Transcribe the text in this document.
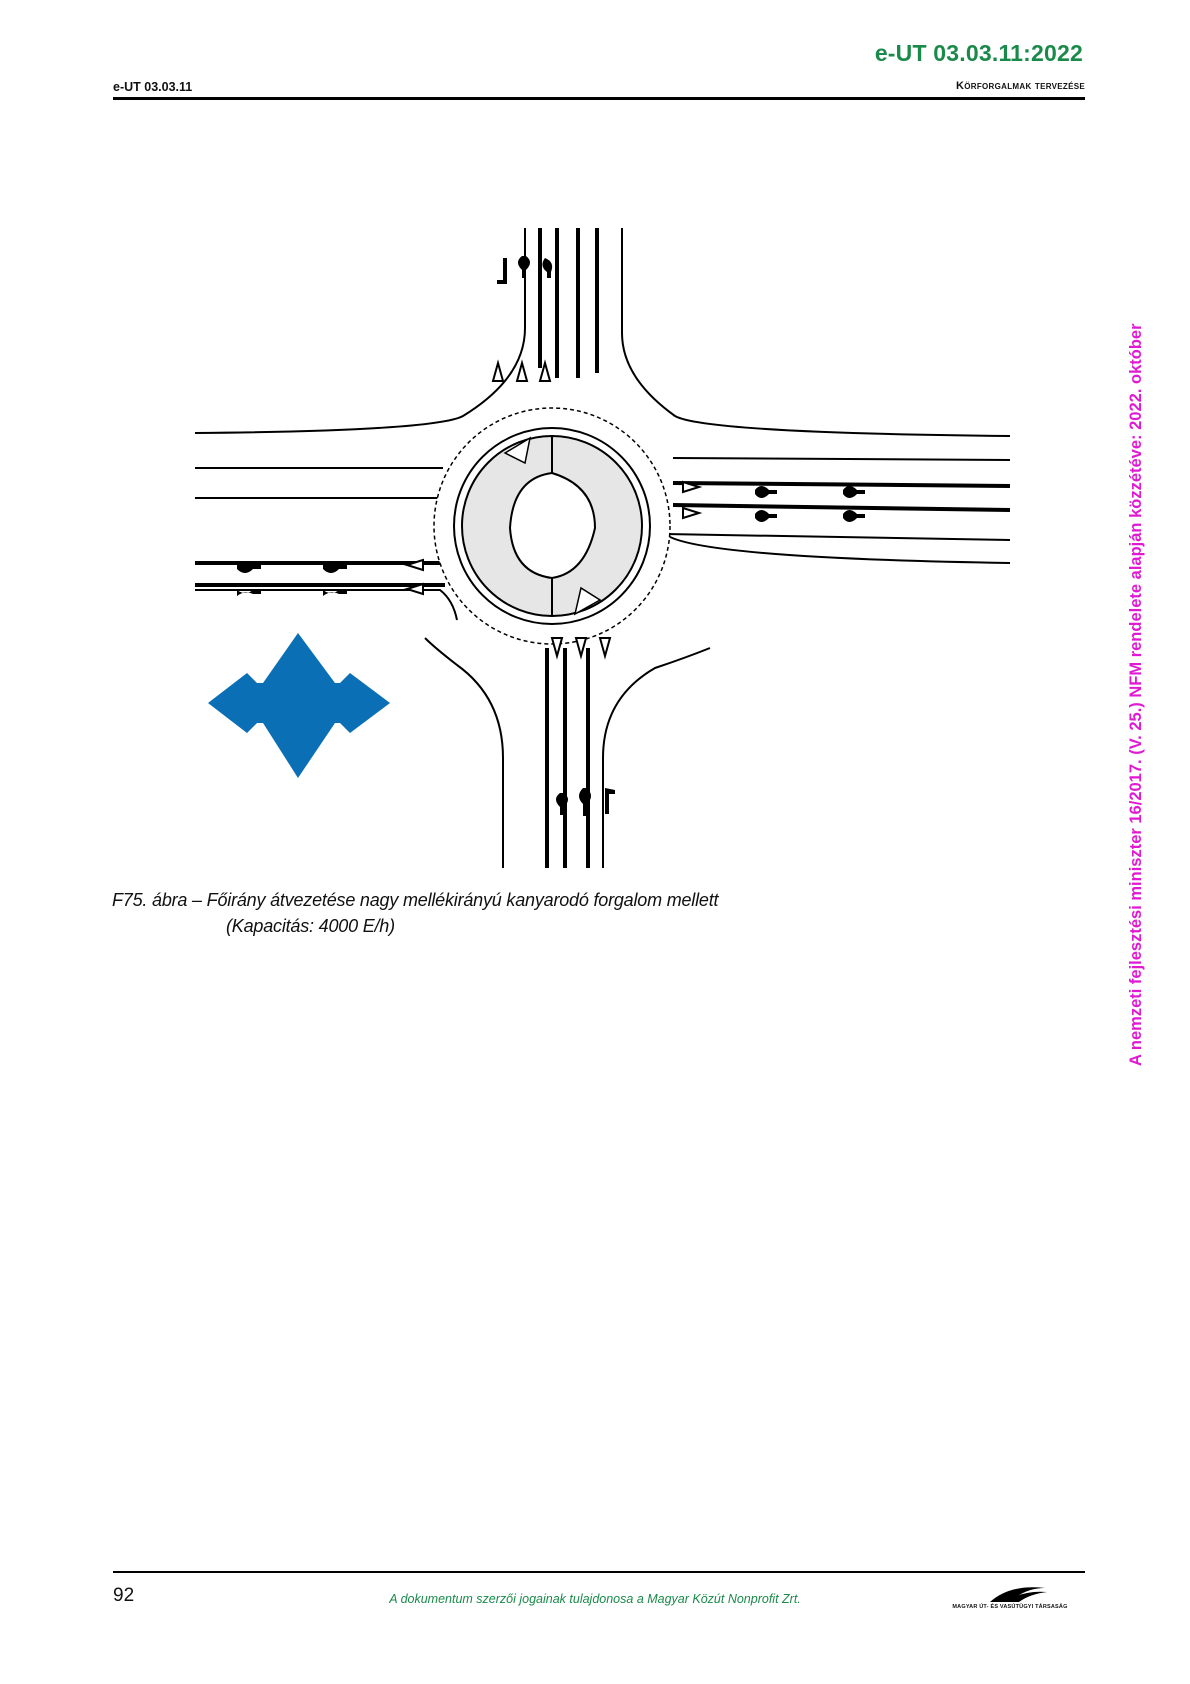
e-UT 03.03.11:2022
e-UT 03.03.11	Körforgalmak tervezése
A nemzeti fejlesztési miniszter 16/2017. (V. 25.) NFM rendelete alapján közzétéve: 2022. október
F75. ábra – Főirány átvezetése nagy mellékirányú kanyarodó forgalom mellett
(Kapacitás: 4000 E/h)
92	A dokumentum szerzői jogainak tulajdonosa a Magyar Közút Nonprofit Zrt.
MAGYAR ÚT- ÉS VASÚTÜGYI TÁRSASÁG
